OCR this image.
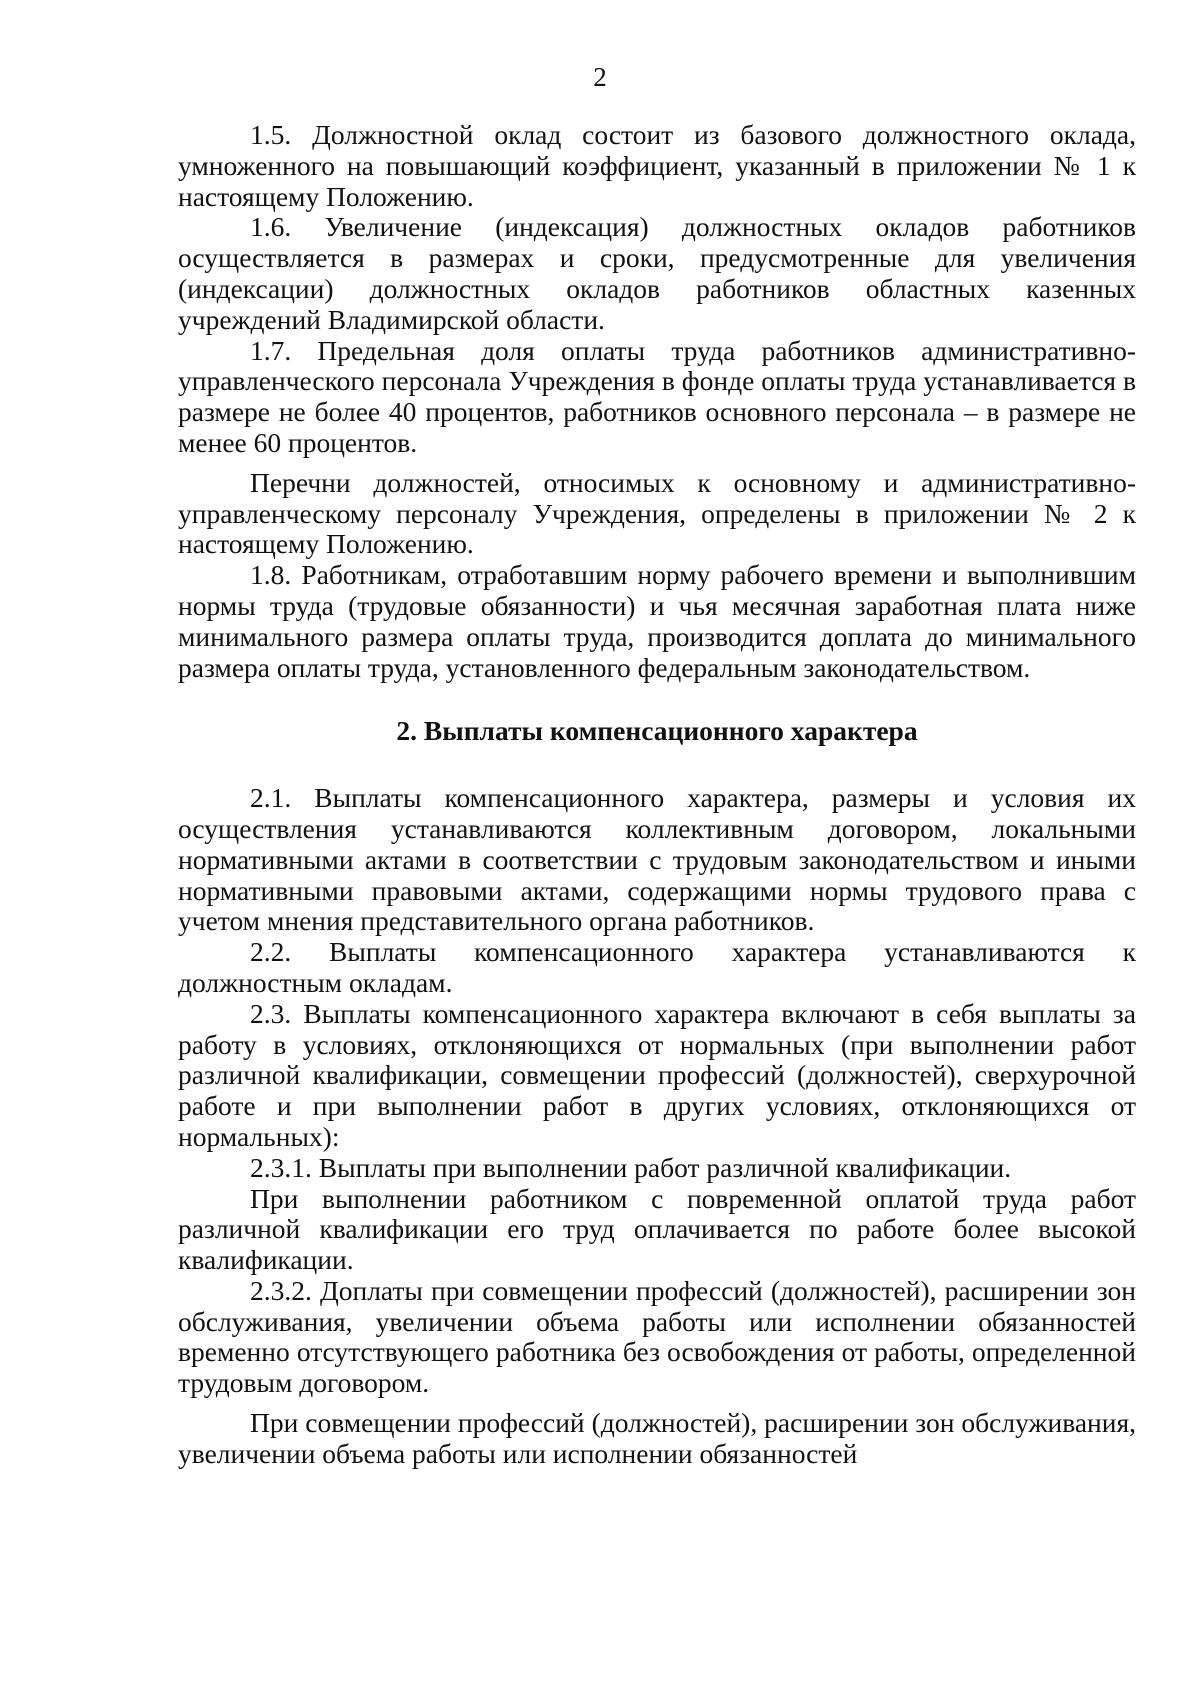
2

1.5. Должностной оклад состоит из базового должностного оклада, умноженного на повышающий коэффициент, указанный в приложении № 1 к настоящему Положению.

1.6. Увеличение (индексация) должностных окладов работников осуществляется в размерах и сроки, предусмотренные для увеличения (индексации) должностных окладов работников областных казенных учреждений Владимирской области.

1.7. Предельная доля оплаты труда работников административно-управленческого персонала Учреждения в фонде оплаты труда устанавливается в размере не более 40 процентов, работников основного персонала – в размере не менее 60 процентов.

Перечни должностей, относимых к основному и административно-управленческому персоналу Учреждения, определены в приложении № 2 к настоящему Положению.

1.8. Работникам, отработавшим норму рабочего времени и выполнившим нормы труда (трудовые обязанности) и чья месячная заработная плата ниже минимального размера оплаты труда, производится доплата до минимального размера оплаты труда, установленного федеральным законодательством.

2. Выплаты компенсационного характера

2.1. Выплаты компенсационного характера, размеры и условия их осуществления устанавливаются коллективным договором, локальными нормативными актами в соответствии с трудовым законодательством и иными нормативными правовыми актами, содержащими нормы трудового права с учетом мнения представительного органа работников.

2.2. Выплаты компенсационного характера устанавливаются к должностным окладам.

2.3. Выплаты компенсационного характера включают в себя выплаты за работу в условиях, отклоняющихся от нормальных (при выполнении работ различной квалификации, совмещении профессий (должностей), сверхурочной работе и при выполнении работ в других условиях, отклоняющихся от нормальных):

2.3.1. Выплаты при выполнении работ различной квалификации.

При выполнении работником с повременной оплатой труда работ различной квалификации его труд оплачивается по работе более высокой квалификации.

2.3.2. Доплаты при совмещении профессий (должностей), расширении зон обслуживания, увеличении объема работы или исполнении обязанностей временно отсутствующего работника без освобождения от работы, определенной трудовым договором.

При совмещении профессий (должностей), расширении зон обслуживания, увеличении объема работы или исполнении обязанностей
